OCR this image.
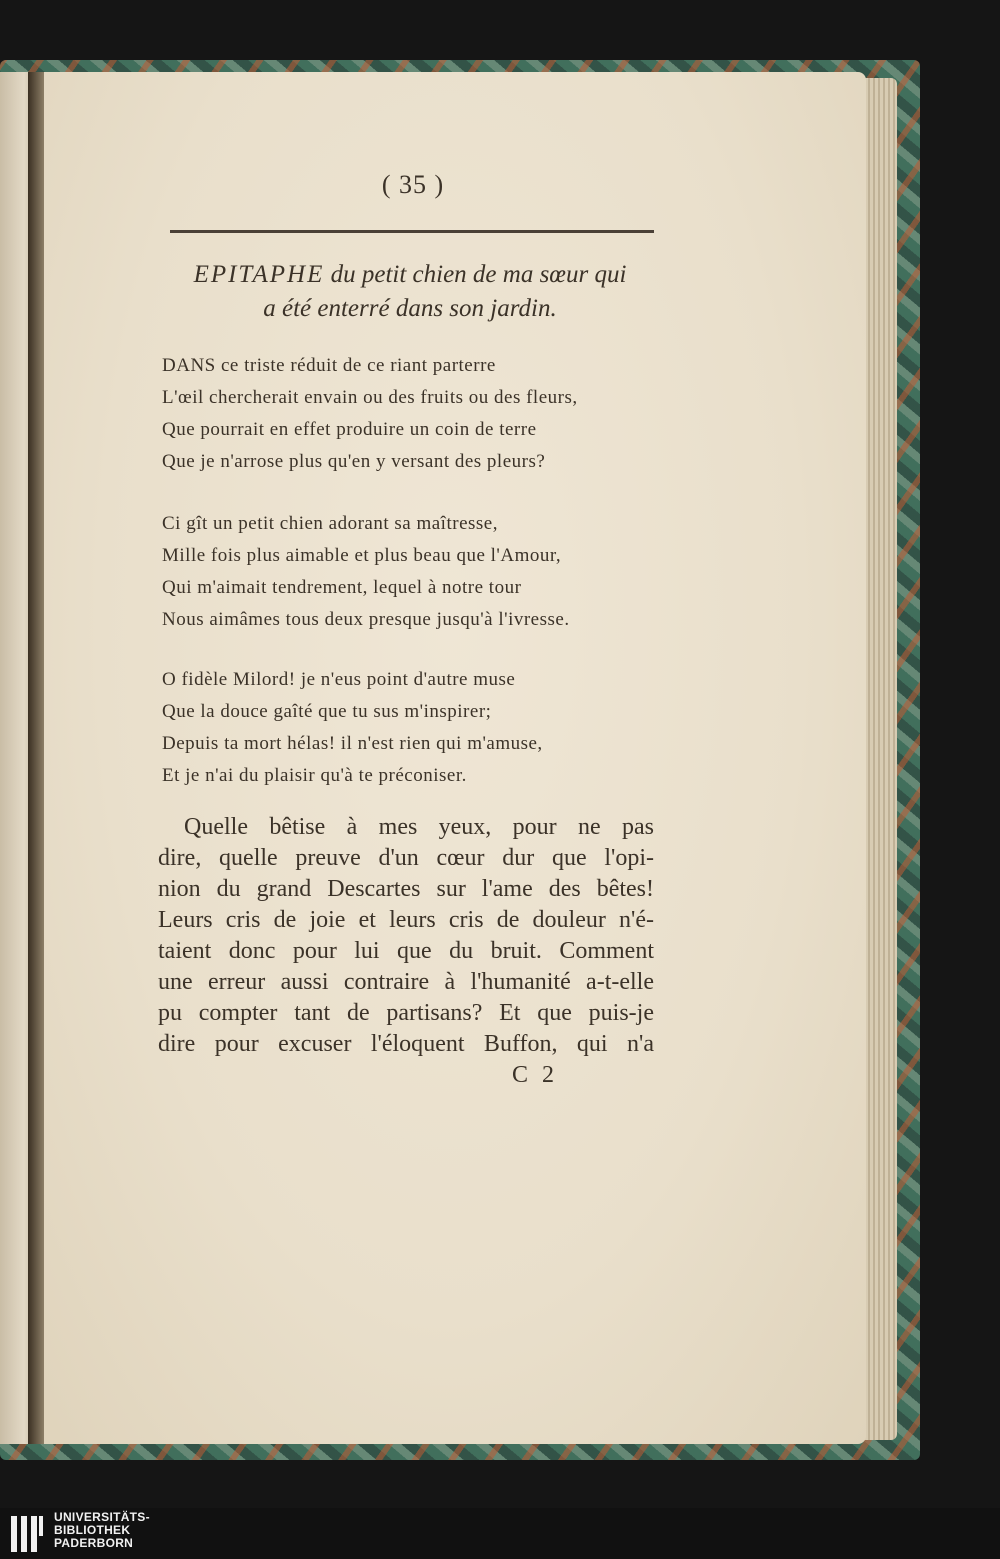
( 35 )
EPITAPHE du petit chien de ma sœur qui
a été enterré dans son jardin.
DANS ce triste réduit de ce riant parterre
L'œil chercherait envain ou des fruits ou des fleurs,
Que pourrait en effet produire un coin de terre
Que je n'arrose plus qu'en y versant des pleurs?
Ci gît un petit chien adorant sa maîtresse,
Mille fois plus aimable et plus beau que l'Amour,
Qui m'aimait tendrement, lequel à notre tour
Nous aimâmes tous deux presque jusqu'à l'ivresse.
O fidèle Milord! je n'eus point d'autre muse
Que la douce gaîté que tu sus m'inspirer;
Depuis ta mort hélas! il n'est rien qui m'amuse,
Et je n'ai du plaisir qu'à te préconiser.
Quelle bêtise à mes yeux, pour ne pas
dire, quelle preuve d'un cœur dur que l'opi-
nion du grand Descartes sur l'ame des bêtes!
Leurs cris de joie et leurs cris de douleur n'é-
taient donc pour lui que du bruit. Comment
une erreur aussi contraire à l'humanité a-t-elle
pu compter tant de partisans? Et que puis-je
dire pour excuser l'éloquent Buffon, qui n'a
C 2
UNIVERSITÄTS-
BIBLIOTHEK
PADERBORN
